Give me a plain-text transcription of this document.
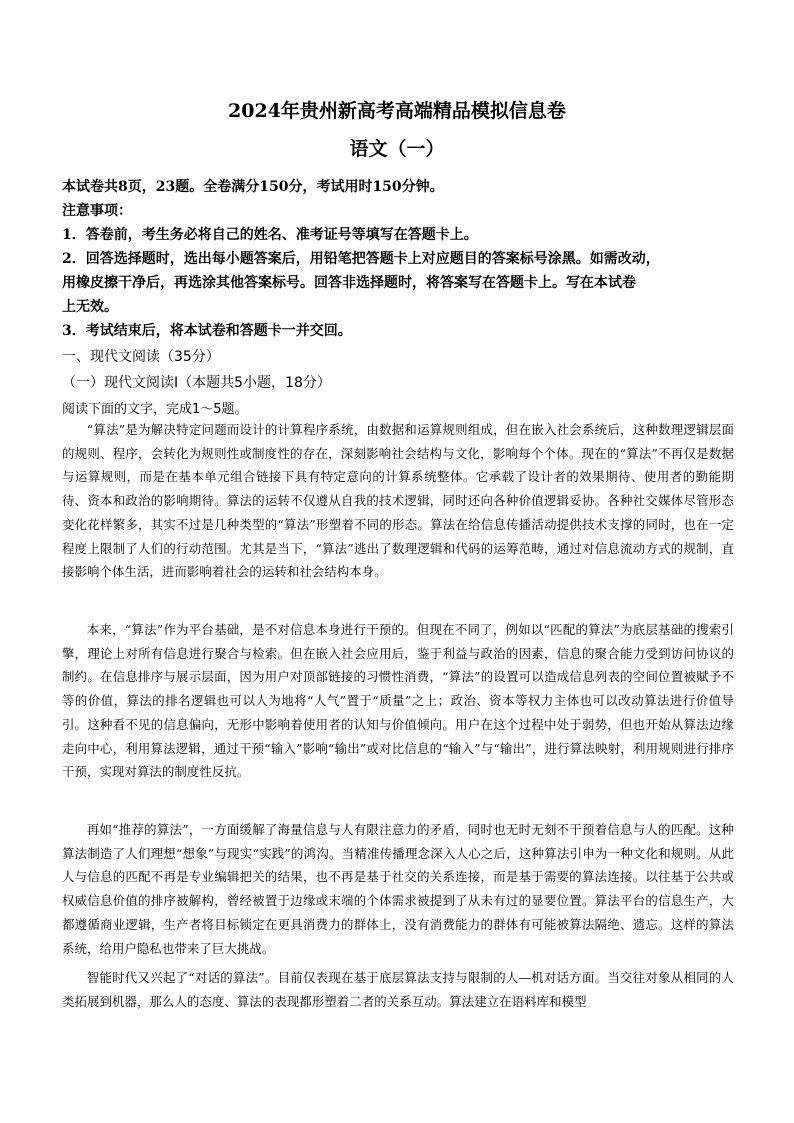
2024年贵州新高考高端精品模拟信息卷
语文（一）
本试卷共8页，23题。全卷满分150分，考试用时150分钟。
注意事项：
1．答卷前，考生务必将自己的姓名、准考证号等填写在答题卡上。
2．回答选择题时，选出每小题答案后，用铅笔把答题卡上对应题目的答案标号涂黑。如需改动，
用橡皮擦干净后，再选涂其他答案标号。回答非选择题时，将答案写在答题卡上。写在本试卷
上无效。
3．考试结束后，将本试卷和答题卡一并交回。
一、现代文阅读（35分）
（一）现代文阅读Ⅰ（本题共5小题，18分）
阅读下面的文字，完成1～5题。

“算法”是为解决特定问题而设计的计算程序系统，由数据和运算规则组成，但在嵌入社会系统后，这种数理逻辑层面的规则、程序，会转化为规则性或制度性的存在，深刻影响社会结构与文化，影响每个个体。现在的“算法”不再仅是数据与运算规则，而是在基本单元组合链接下具有特定意向的计算系统整体。它承载了设计者的效果期待、使用者的勤能期待、资本和政治的影响期待。算法的运转不仅遵从自我的技术逻辑，同时还向各种价值逻辑妥协。各种社交媒体尽管形态变化花样繁多，其实不过是几种类型的“算法”形塑着不同的形态。算法在给信息传播活动提供技术支撑的同时，也在一定程度上限制了人们的行动范围。尤其是当下，“算法”逃出了数理逻辑和代码的运筹范畴，通过对信息流动方式的规制，直接影响个体生活，进而影响着社会的运转和社会结构本身。

本来，“算法”作为平台基础，是不对信息本身进行干预的。但现在不同了，例如以“匹配的算法”为底层基础的搜索引擎，理论上对所有信息进行聚合与检索。但在嵌入社会应用后，鉴于利益与政治的因素，信息的聚合能力受到访问协议的制约。在信息排序与展示层面，因为用户对顶部链接的习惯性消费，“算法”的设置可以造成信息列表的空间位置被赋予不等的价值，算法的排名逻辑也可以人为地将“人气”置于“质量”之上；政治、资本等权力主体也可以改动算法进行价值导引。这种看不见的信息偏向，无形中影响着使用者的认知与价值倾向。用户在这个过程中处于弱势，但也开始从算法边缘走向中心，利用算法逻辑，通过干预“输入”影响“输出”或对比信息的“输入”与“输出”，进行算法映射，利用规则进行排序干预，实现对算法的制度性反抗。

再如“推荐的算法”，一方面缓解了海量信息与人有限注意力的矛盾，同时也无时无刻不干预着信息与人的匹配。这种算法制造了人们理想“想象”与现实“实践”的鸿沟。当精准传播理念深入人心之后，这种算法引申为一种文化和规则。从此人与信息的匹配不再是专业编辑把关的结果，也不再是基于社交的关系连接，而是基于需要的算法连接。以往基于公共或权威信息价值的排序被解构，曾经被置于边缘或末端的个体需求被提到了从未有过的显要位置。算法平台的信息生产，大都遵循商业逻辑，生产者将目标锁定在更具消费力的群体上，没有消费能力的群体有可能被算法隔绝、遗忘。这样的算法系统，给用户隐私也带来了巨大挑战。

智能时代又兴起了“对话的算法”。目前仅表现在基于底层算法支持与限制的人—机对话方面。当交往对象从相同的人类拓展到机器，那么人的态度、算法的表现都形塑着二者的关系互动。算法建立在语料库和模型
